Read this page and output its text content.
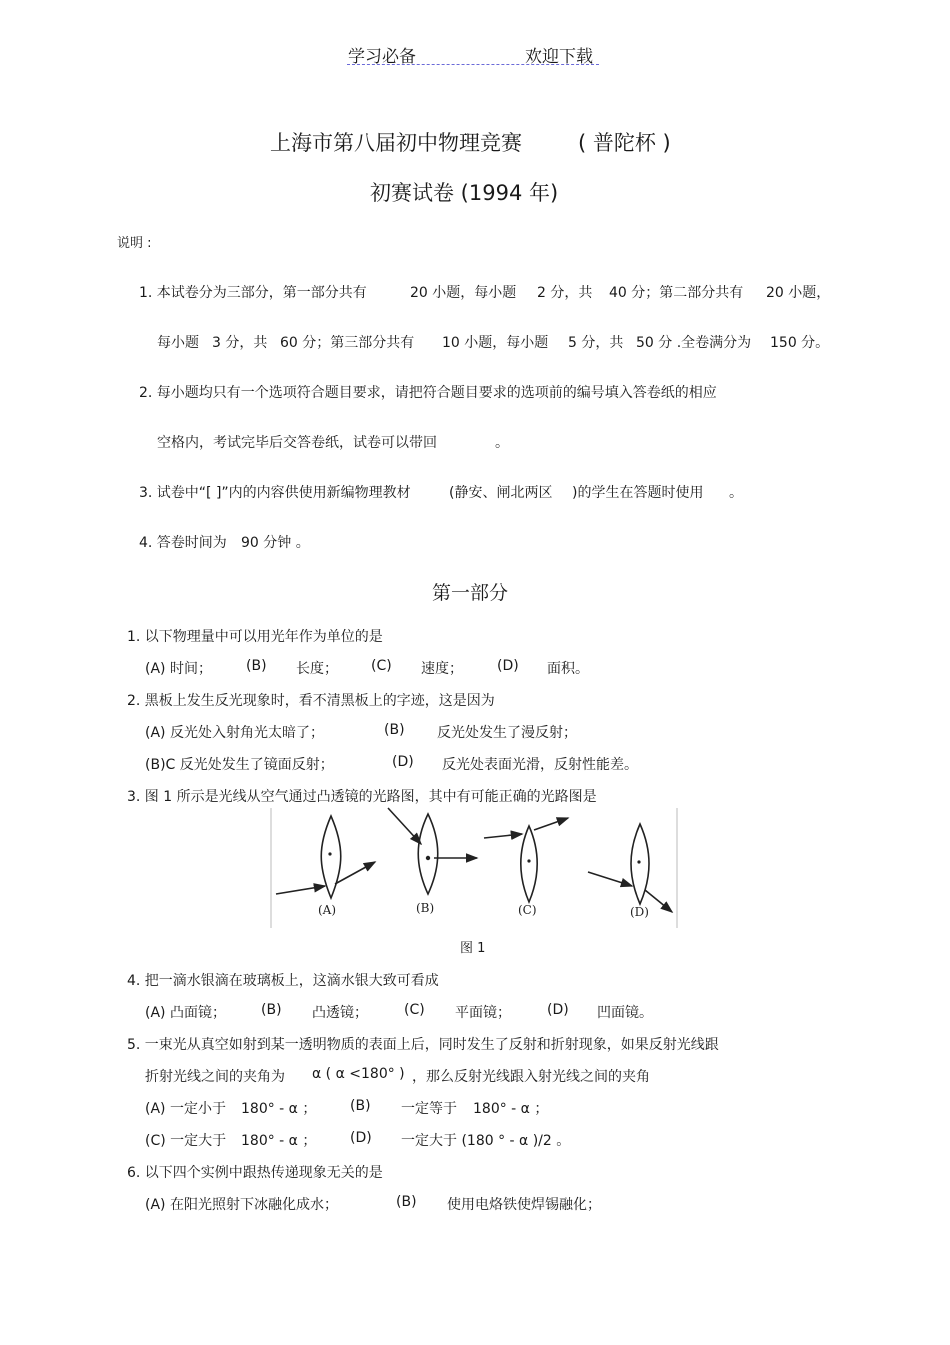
学习必备	欢迎下载
上海市第八届初中物理竞赛	( 普陀杯 )
初赛试卷 (1994 年)
说明 :
1. 本试卷分为三部分，第一部分共有	20 小题，每小题 2 分，共 40 分；第二部分共有 20 小题，
每小题 3 分，共 60 分；第三部分共有 10 小题，每小题 5 分，共 50 分 .全卷满分为 150 分。
2. 每小题均只有一个选项符合题目要求，请把符合题目要求的选项前的编号填入答卷纸的相应
空格内，考试完毕后交答卷纸，试卷可以带回	。
3. 试卷中“[ ]”内的内容供使用新编物理教材	(静安、闸北两区 )的学生在答题时使用 。
4. 答卷时间为 90 分钟 。
第一部分
1. 以下物理量中可以用光年作为单位的是
(A) 时间； (B) 长度； (C) 速度； (D) 面积。
2. 黑板上发生反光现象时，看不清黑板上的字迹，这是因为
(A) 反光处入射角光太暗了；	(B) 反光处发生了漫反射；
(B)C 反光处发生了镜面反射；	(D) 反光处表面光滑，反射性能差。
3. 图 1 所示是光线从空气通过凸透镜的光路图，其中有可能正确的光路图是
(A)	(B)	(C)	(D)
图 1
4. 把一滴水银滴在玻璃板上，这滴水银大致可看成
(A) 凸面镜；	(B) 凸透镜；	(C) 平面镜；	(D) 凹面镜。
5. 一束光从真空如射到某一透明物质的表面上后，同时发生了反射和折射现象，如果反射光线跟
折射光线之间的夹角为 α ( α <180° ) ，那么反射光线跟入射光线之间的夹角
(A) 一定小于 180° - α ； (B) 一定等于 180° - α ；
(C) 一定大于 180° - α ； (D) 一定大于 (180 ° - α )/2 。
6. 以下四个实例中跟热传递现象无关的是
(A) 在阳光照射下冰融化成水；	(B) 使用电烙铁使焊锡融化；
